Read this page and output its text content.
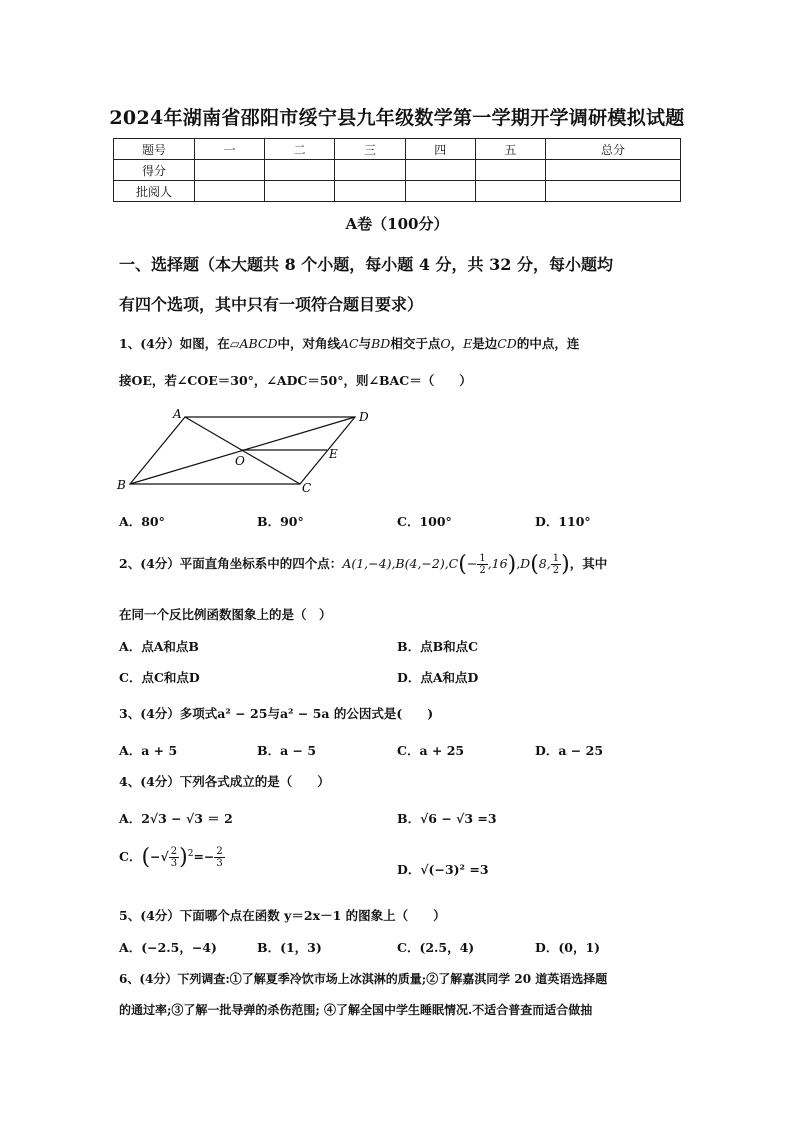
2024年湖南省邵阳市绥宁县九年级数学第一学期开学调研模拟试题
题号	一	二	三	四	五	总分
得分						
批阅人						
A卷（100分）
一、选择题（本大题共 8 个小题，每小题 4 分，共 32 分，每小题均
有四个选项，其中只有一项符合题目要求）
1、(4分）如图，在▱ABCD中，对角线AC与BD相交于点O，E是边CD的中点，连
接OE，若∠COE＝30°，∠ADC＝50°，则∠BAC＝（　　）
A	D
B	C
O	E
A．80°	B．90°	C．100°	D．110°
2、(4分）平面直角坐标系中的四个点：$A(1,-4),B(4,-2),C(- \frac{1}{2} ,16),D(8$, $\frac{1}{2}$ )，其中
在同一个反比例函数图象上的是（　）
A．点A和点B	B．点B和点C
C．点C和点D	D．点A和点D
3、(4分）多项式a² − 25与a² − 5a 的公因式是(　　)
A．a + 5	B．a − 5	C．a + 25	D．a − 25
4、(4分）下列各式成立的是（　　）
A．2√3 − √3 ＝ 2	B．√6 − √3 =3
C．(−√ $\frac{2}{3} )^2=- \frac{2}{3}$
D．√(−3)² =3
5、(4分）下面哪个点在函数 y＝2x－1 的图象上（　　）
A．(−2.5，−4)	B．(1，3)	C．(2.5，4)	D．(0，1)
6、(4分）下列调查:①了解夏季冷饮市场上冰淇淋的质量;②了解嘉淇同学 20 道英语选择题
的通过率;③了解一批导弹的杀伤范围; ④了解全国中学生睡眠情况.不适合普查而适合做抽
